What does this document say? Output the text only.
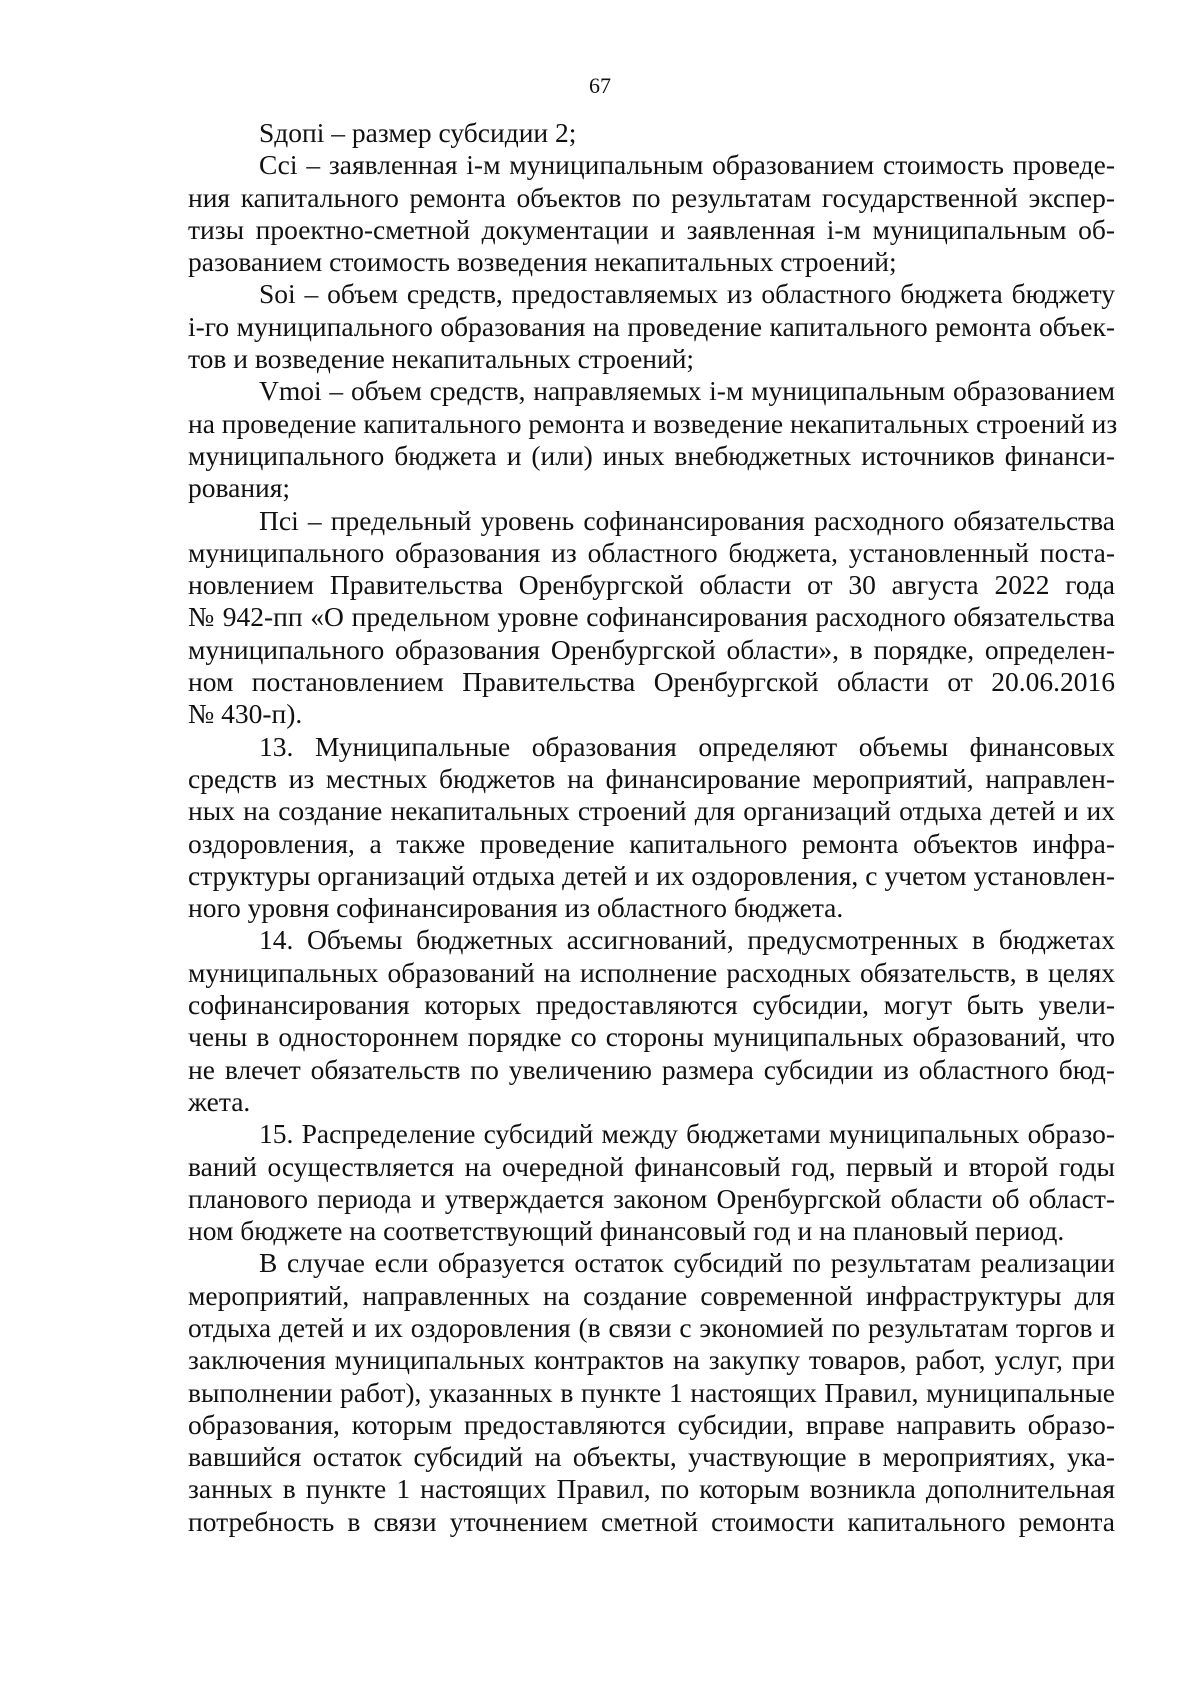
67
Sдопi – размер субсидии 2;
Ссi – заявленная i-м муниципальным образованием стоимость проведе-
ния капитального ремонта объектов по результатам государственной экспер-
тизы проектно-сметной документации и заявленная i-м муниципальным об-
разованием стоимость возведения некапитальных строений;
Soi – объем средств, предоставляемых из областного бюджета бюджету
i-го муниципального образования на проведение капитального ремонта объек-
тов и возведение некапитальных строений;
Vmoi – объем средств, направляемых i-м муниципальным образованием
на проведение капитального ремонта и возведение некапитальных строений из
муниципального бюджета и (или) иных внебюджетных источников финанси-
рования;
Псi – предельный уровень софинансирования расходного обязательства
муниципального образования из областного бюджета, установленный поста-
новлением Правительства Оренбургской области от 30 августа 2022 года
№ 942-пп «О предельном уровне софинансирования расходного обязательства
муниципального образования Оренбургской области», в порядке, определен-
ном постановлением Правительства Оренбургской области от 20.06.2016
№ 430-п).
13. Муниципальные образования определяют объемы финансовых
средств из местных бюджетов на финансирование мероприятий, направлен-
ных на создание некапитальных строений для организаций отдыха детей и их
оздоровления, а также проведение капитального ремонта объектов инфра-
структуры организаций отдыха детей и их оздоровления, с учетом установлен-
ного уровня софинансирования из областного бюджета.
14. Объемы бюджетных ассигнований, предусмотренных в бюджетах
муниципальных образований на исполнение расходных обязательств, в целях
софинансирования которых предоставляются субсидии, могут быть увели-
чены в одностороннем порядке со стороны муниципальных образований, что
не влечет обязательств по увеличению размера субсидии из областного бюд-
жета.
15. Распределение субсидий между бюджетами муниципальных образо-
ваний осуществляется на очередной финансовый год, первый и второй годы
планового периода и утверждается законом Оренбургской области об област-
ном бюджете на соответствующий финансовый год и на плановый период.
В случае если образуется остаток субсидий по результатам реализации
мероприятий, направленных на создание современной инфраструктуры для
отдыха детей и их оздоровления (в связи с экономией по результатам торгов и
заключения муниципальных контрактов на закупку товаров, работ, услуг, при
выполнении работ), указанных в пункте 1 настоящих Правил, муниципальные
образования, которым предоставляются субсидии, вправе направить образо-
вавшийся остаток субсидий на объекты, участвующие в мероприятиях, ука-
занных в пункте 1 настоящих Правил, по которым возникла дополнительная
потребность в связи уточнением сметной стоимости капитального ремонта
